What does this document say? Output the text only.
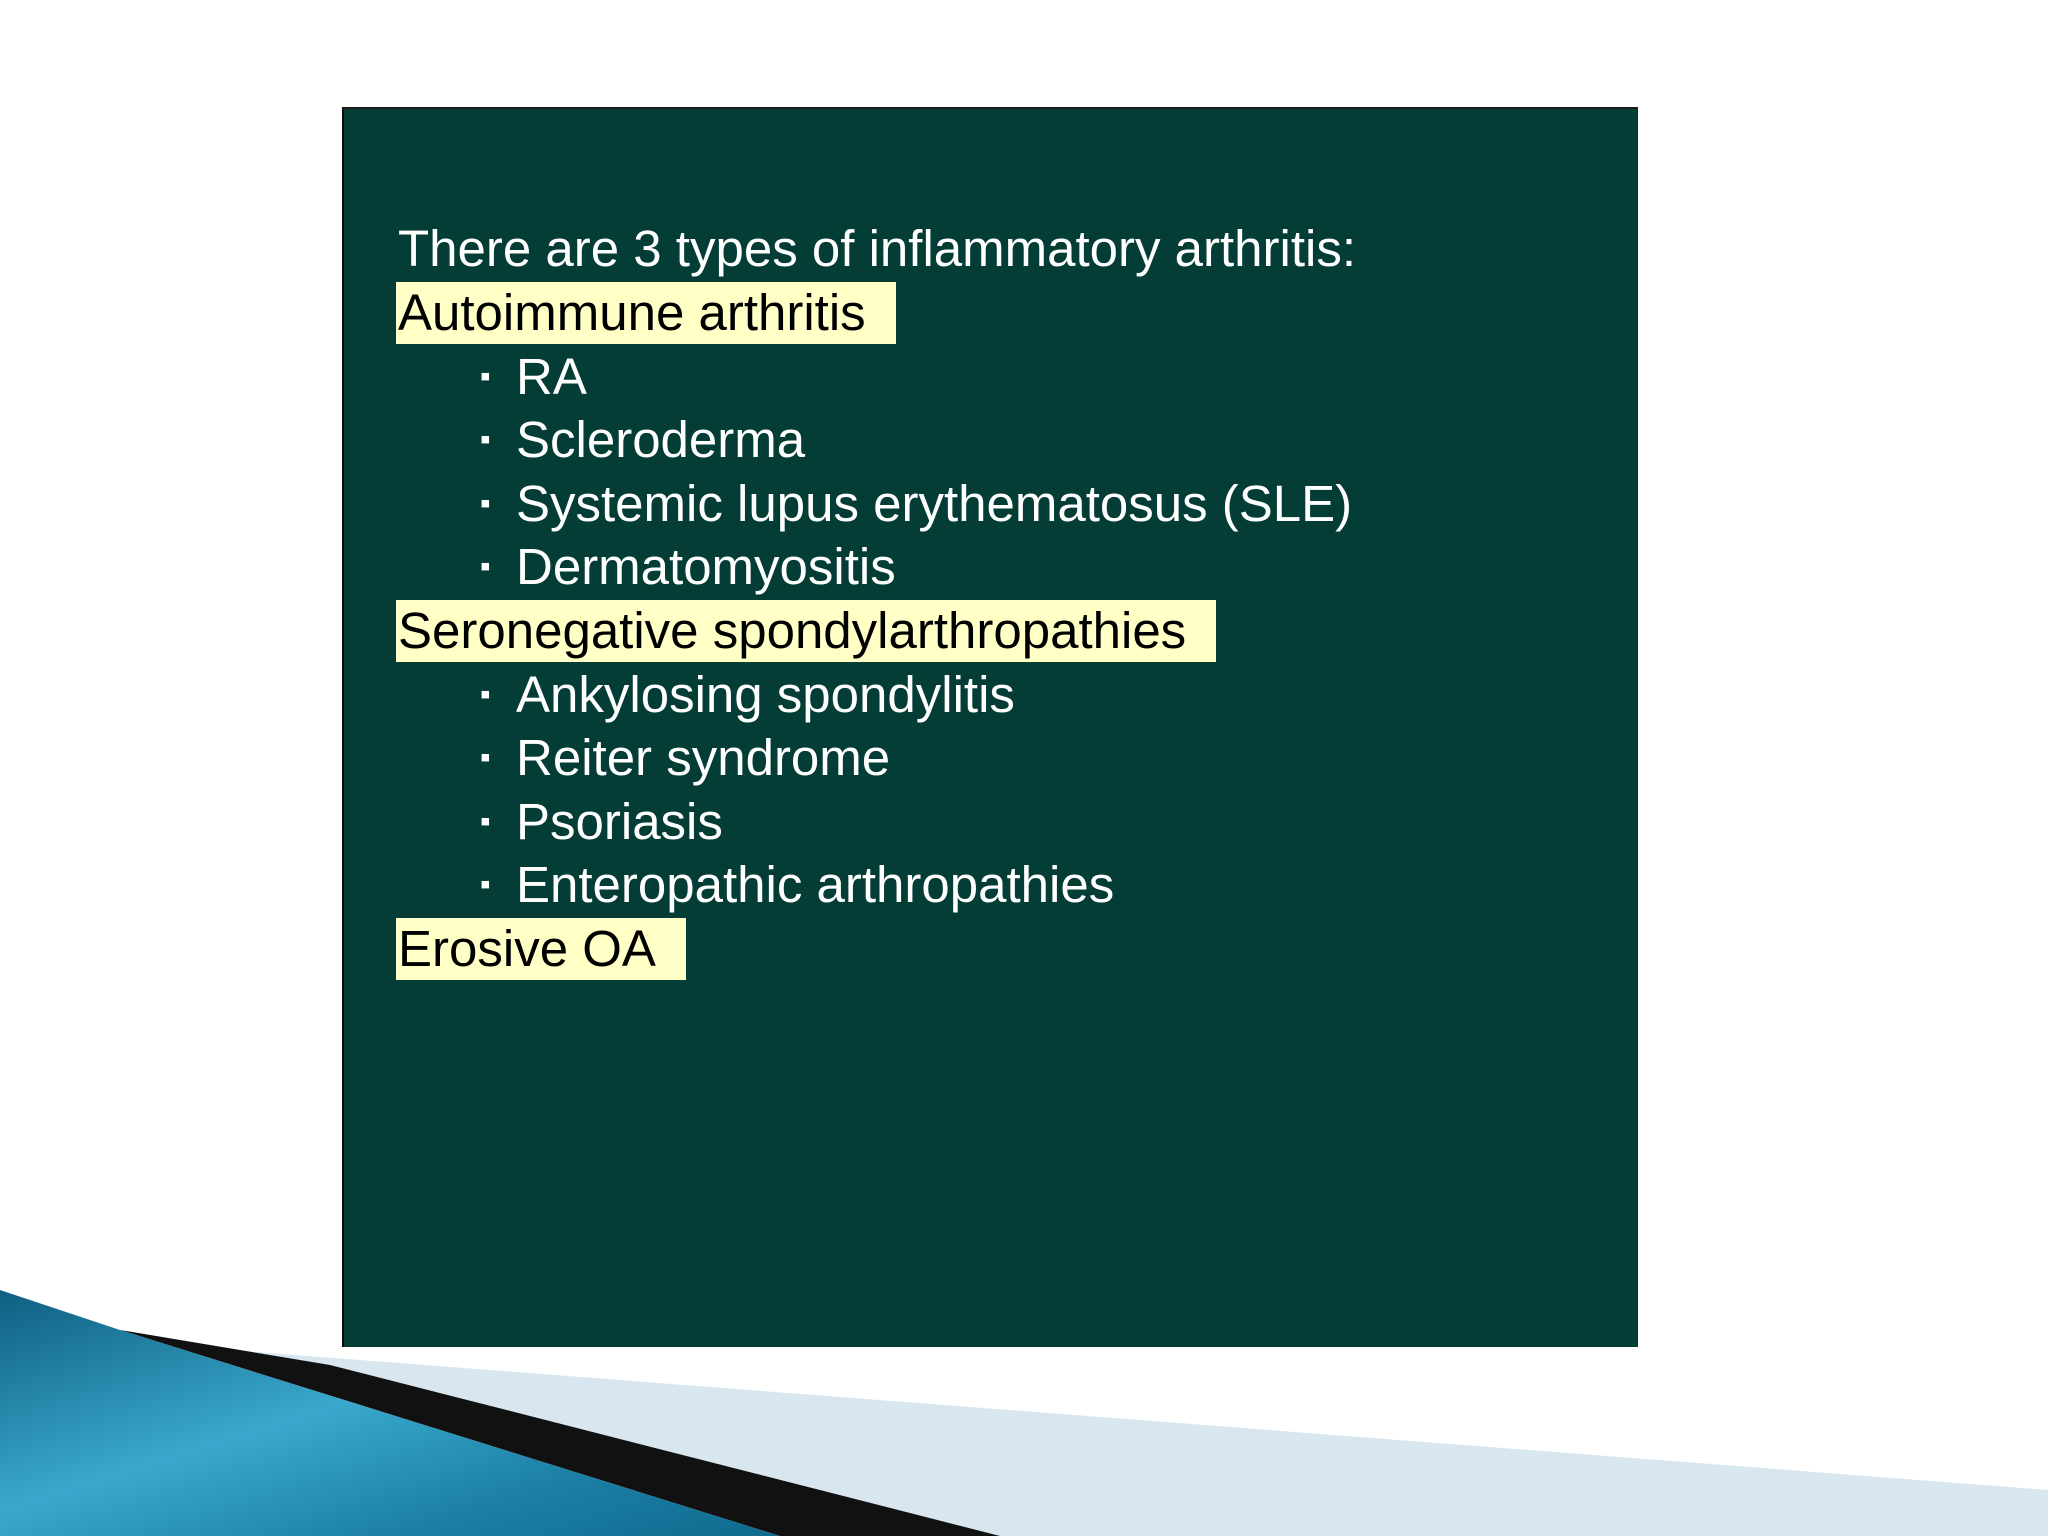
There are 3 types of inflammatory arthritis:
Autoimmune arthritis
▪ RA
▪ Scleroderma
▪ Systemic lupus erythematosus (SLE)
▪ Dermatomyositis
Seronegative spondylarthropathies
▪ Ankylosing spondylitis
▪ Reiter syndrome
▪ Psoriasis
▪ Enteropathic arthropathies
Erosive OA
